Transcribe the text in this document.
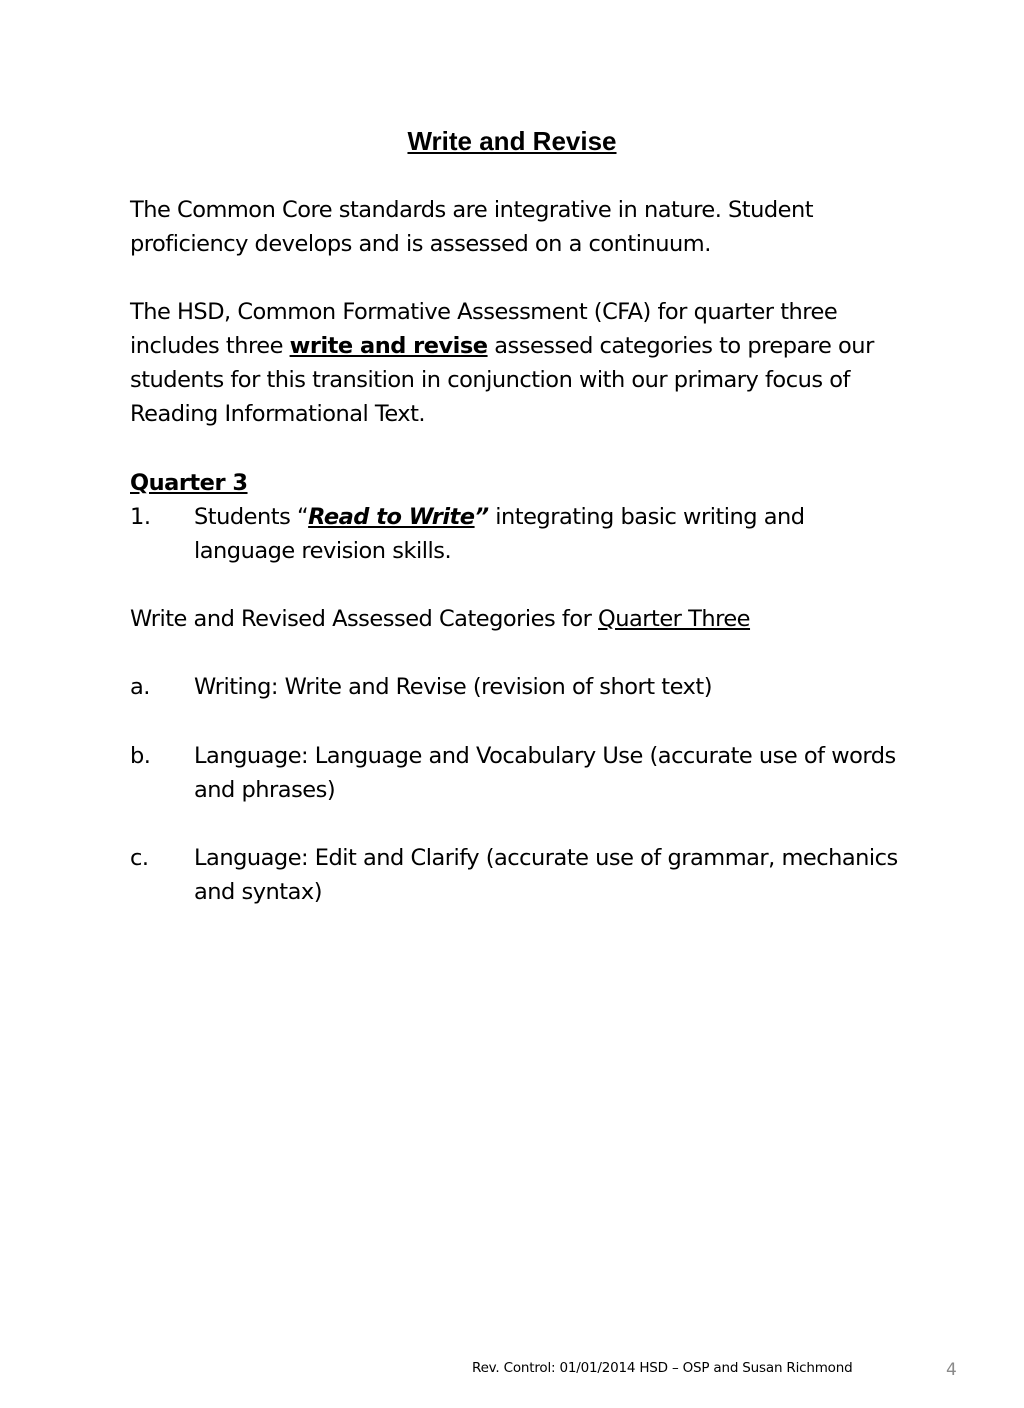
Write and Revise

The Common Core standards are integrative in nature. Student proficiency develops and is assessed on a continuum.

The HSD, Common Formative Assessment (CFA) for quarter three includes three write and revise assessed categories to prepare our students for this transition in conjunction with our primary focus of Reading Informational Text.

Quarter 3

1.	Students “Read to Write” integrating basic writing and language revision skills.

Write and Revised Assessed Categories for Quarter Three

a.	Writing: Write and Revise (revision of short text)
b.	Language: Language and Vocabulary Use (accurate use of words and phrases)
c.	Language: Edit and Clarify (accurate use of grammar, mechanics and syntax)
Rev. Control: 01/01/2014 HSD – OSP and Susan Richmond	4
